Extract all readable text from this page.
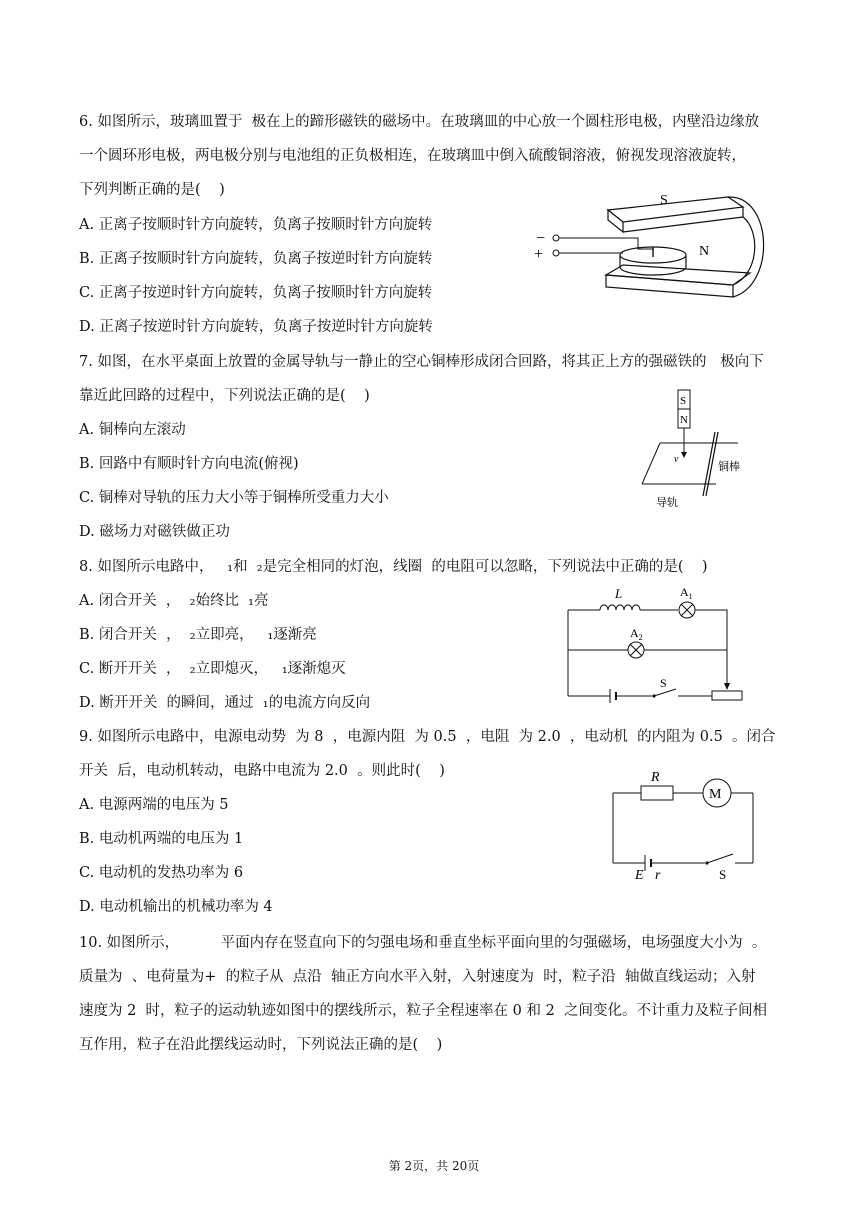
6. 如图所示，玻璃皿置于  极在上的蹄形磁铁的磁场中。在玻璃皿的中心放一个圆柱形电极，内壁沿边缘放
一个圆环形电极，两电极分别与电池组的正负极相连，在玻璃皿中倒入硫酸铜溶液，俯视发现溶液旋转，
下列判断正确的是(    )
A. 正离子按顺时针方向旋转，负离子按顺时针方向旋转
B. 正离子按顺时针方向旋转，负离子按逆时针方向旋转
C. 正离子按逆时针方向旋转，负离子按顺时针方向旋转
D. 正离子按逆时针方向旋转，负离子按逆时针方向旋转
S
N
−
+
7. 如图，在水平桌面上放置的金属导轨与一静止的空心铜棒形成闭合回路，将其正上方的强磁铁的   极向下
靠近此回路的过程中，下列说法正确的是(    )
A. 铜棒向左滚动
B. 回路中有顺时针方向电流(俯视)
C. 铜棒对导轨的压力大小等于铜棒所受重力大小
D. 磁场力对磁铁做正功
S
N
v
铜棒
导轨
8. 如图所示电路中，   ₁和  ₂是完全相同的灯泡，线圈  的电阻可以忽略，下列说法中正确的是(    )
A. 闭合开关  ，  ₂始终比  ₁亮
B. 闭合开关  ，  ₂立即亮，   ₁逐渐亮
C. 断开开关  ，  ₂立即熄灭，   ₁逐渐熄灭
D. 断开开关  的瞬间，通过  ₁的电流方向反向
L	$A_1$
$A_2$
S
9. 如图所示电路中，电源电动势  为 8  ，电源内阻  为 0.5  ，电阻  为 2.0  ，电动机  的内阻为 0.5  。闭合
开关  后，电动机转动，电路中电流为 2.0  。则此时(    )
A. 电源两端的电压为 5
B. 电动机两端的电压为 1
C. 电动机的发热功率为 6
D. 电动机输出的机械功率为 4
R
M
E r	S
10. 如图所示，         平面内存在竖直向下的匀强电场和垂直坐标平面向里的匀强磁场，电场强度大小为  。
质量为  、电荷量为+  的粒子从  点沿  轴正方向水平入射，入射速度为  时，粒子沿  轴做直线运动；入射
速度为 2  时，粒子的运动轨迹如图中的摆线所示，粒子全程速率在 0 和 2  之间变化。不计重力及粒子间相
互作用，粒子在沿此摆线运动时，下列说法正确的是(    )
第 2页，共 20页
